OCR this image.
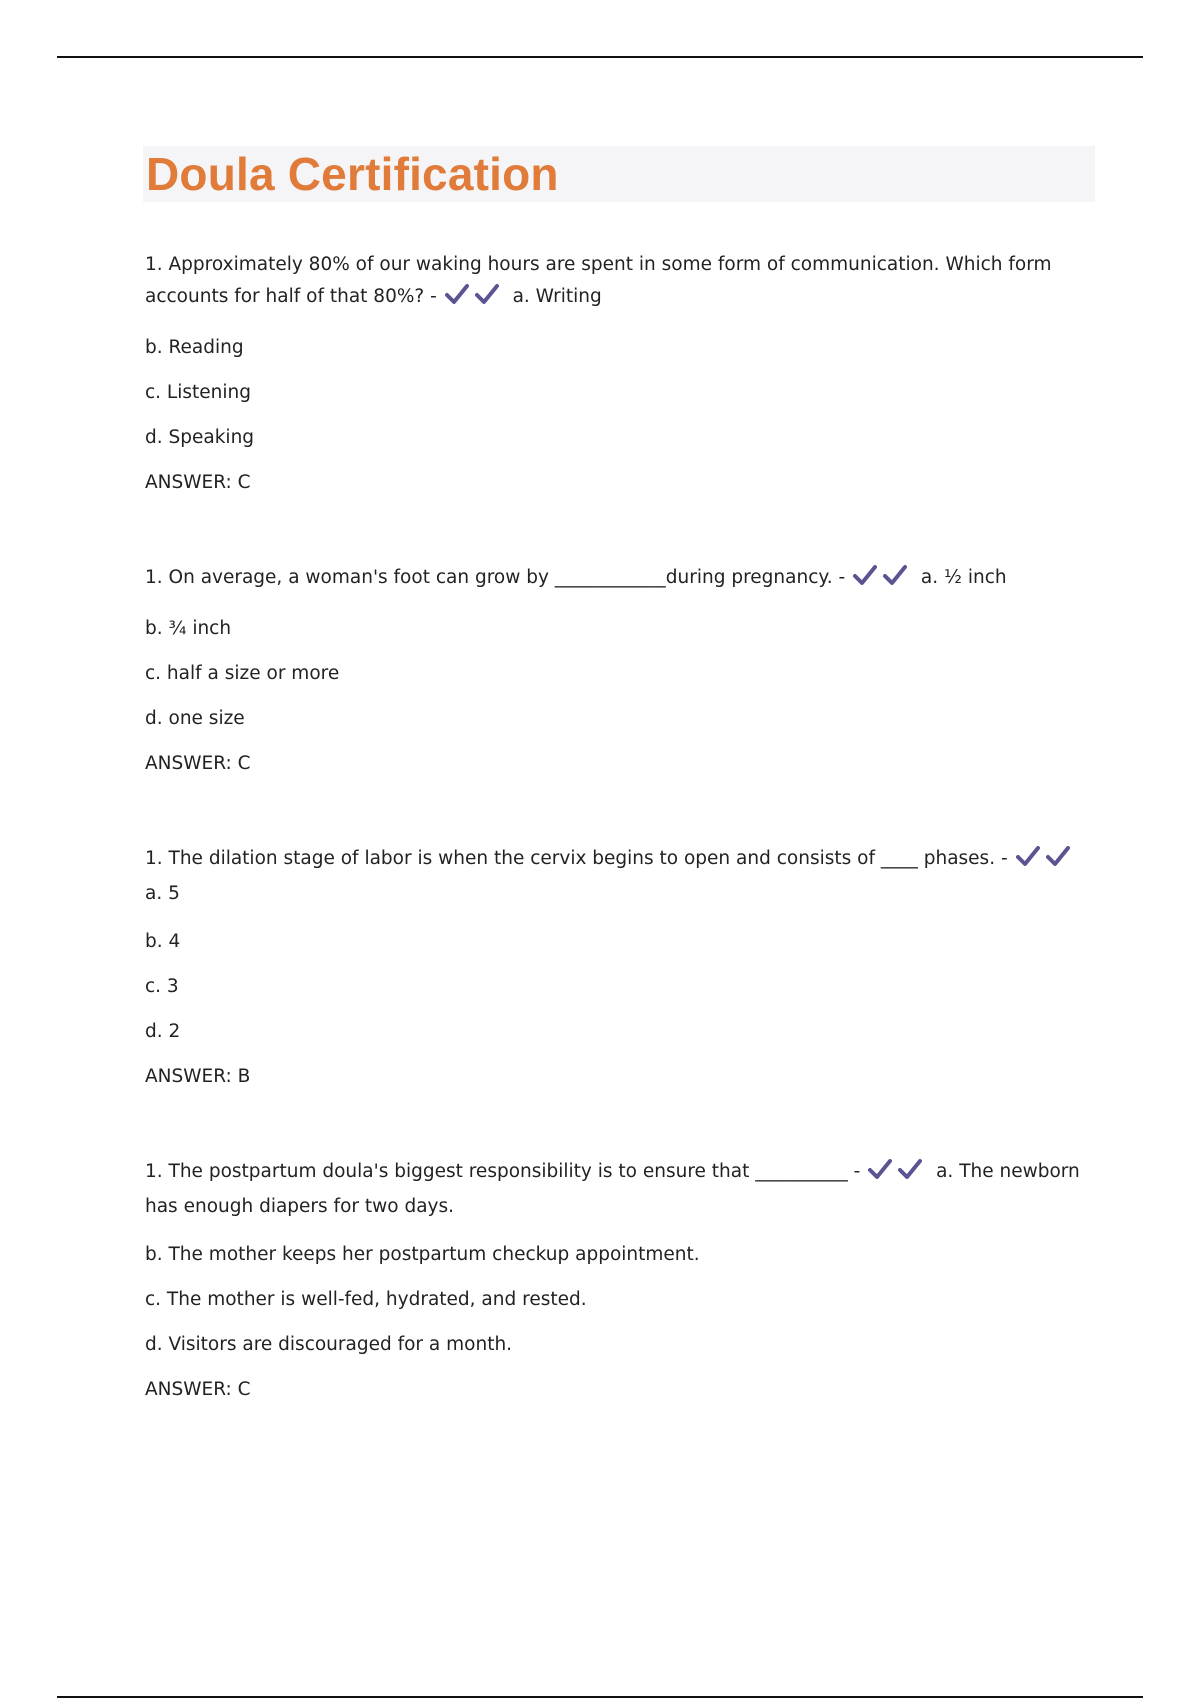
Doula Certification

1. Approximately 80% of our waking hours are spent in some form of communication. Which form accounts for half of that 80%? -	a. Writing

b. Reading
c. Listening
d. Speaking
ANSWER: C

1. On average, a woman's foot can grow by ____________during pregnancy. -	a. ½ inch

b. ¾ inch
c. half a size or more
d. one size
ANSWER: C

1. The dilation stage of labor is when the cervix begins to open and consists of ____ phases. -
a. 5

b. 4
c. 3
d. 2
ANSWER: B

1. The postpartum doula's biggest responsibility is to ensure that __________ -	a. The newborn has enough diapers for two days.

b. The mother keeps her postpartum checkup appointment.
c. The mother is well-fed, hydrated, and rested.
d. Visitors are discouraged for a month.
ANSWER: C
